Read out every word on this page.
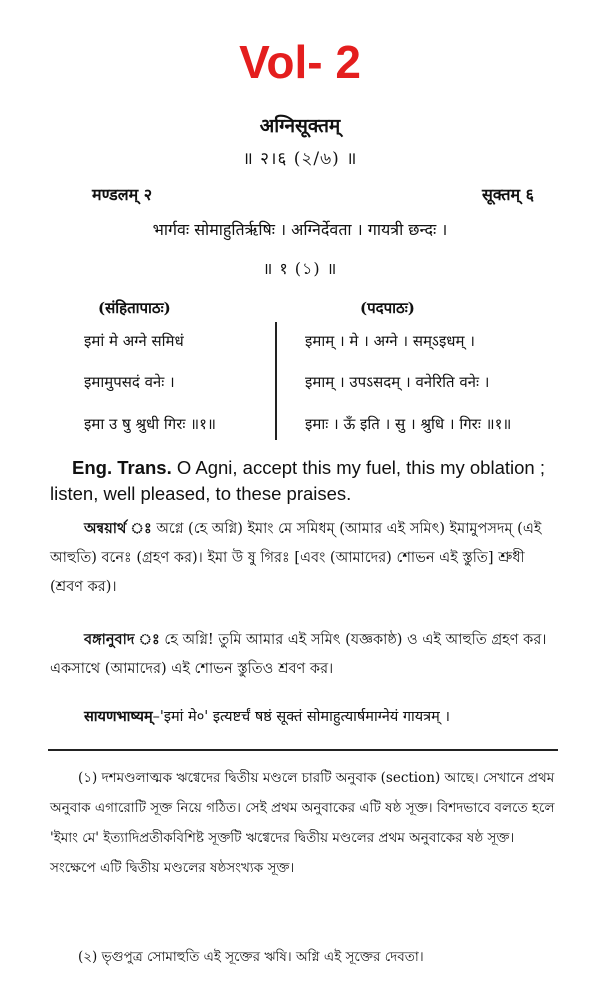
Vol- 2
अग्निसूक्तम्
॥ २।६ (২/৬) ॥
मण्डलम् २	सूक्तम् ६
भार्गवः सोमाहुतिर्ऋषिः । अग्निर्देवता । गायत्री छन्दः ।
॥ १ (১) ॥
(संहितापाठः)	(पदपाठः)
इमां मे अग्ने समिधं
इमामुपसदं वनेः ।
इमा उ षु श्रुधी गिरः ॥१॥
इमाम् । मे । अग्ने । सम्ऽइधम् ।
इमाम् । उपऽसदम् । वनेरिति वनेः ।
इमाः । ऊँ इति । सु । श्रुधि । गिरः ॥१॥
Eng. Trans. O Agni, accept this my fuel, this my oblation ; listen, well pleased, to these praises.
অন্বয়ার্থ ঃ অগ্নে (হে অগ্নি) ইমাং মে সমিধম্ (আমার এই সমিৎ) ইমামুপসদম্ (এই আহুতি) বনেঃ (গ্রহণ কর)। ইমা উ ষু গিরঃ [এবং (আমাদের) শোভন এই স্তুতি] শ্রুধী (শ্রবণ কর)।
বঙ্গানুবাদ ঃ হে অগ্নি! তুমি আমার এই সমিৎ (যজ্ঞকাষ্ঠ) ও এই আহুতি গ্রহণ কর। একসাথে (আমাদের) এই শোভন স্তুতিও শ্রবণ কর।
सायणभाष्यम्–'इमां मे०' इत्यष्टर्चं षष्ठं सूक्तं सोमाहुत्यार्षमाग्नेयं गायत्रम् ।
(১) দশমণ্ডলাত্মক ঋগ্বেদের দ্বিতীয় মণ্ডলে চারটি অনুবাক (section) আছে। সেখানে প্রথম অনুবাক এগারোটি সূক্ত নিয়ে গঠিত। সেই প্রথম অনুবাকের এটি ষষ্ঠ সূক্ত। বিশদভাবে বলতে হলে 'ইমাং মে' ইত্যাদিপ্রতীকবিশিষ্ট সূক্তটি ঋগ্বেদের দ্বিতীয় মণ্ডলের প্রথম অনুবাকের ষষ্ঠ সূক্ত। সংক্ষেপে এটি দ্বিতীয় মণ্ডলের ষষ্ঠসংখ্যক সূক্ত।
(২) ভৃগুপুত্র সোমাহুতি এই সূক্তের ঋষি। অগ্নি এই সূক্তের দেবতা।
